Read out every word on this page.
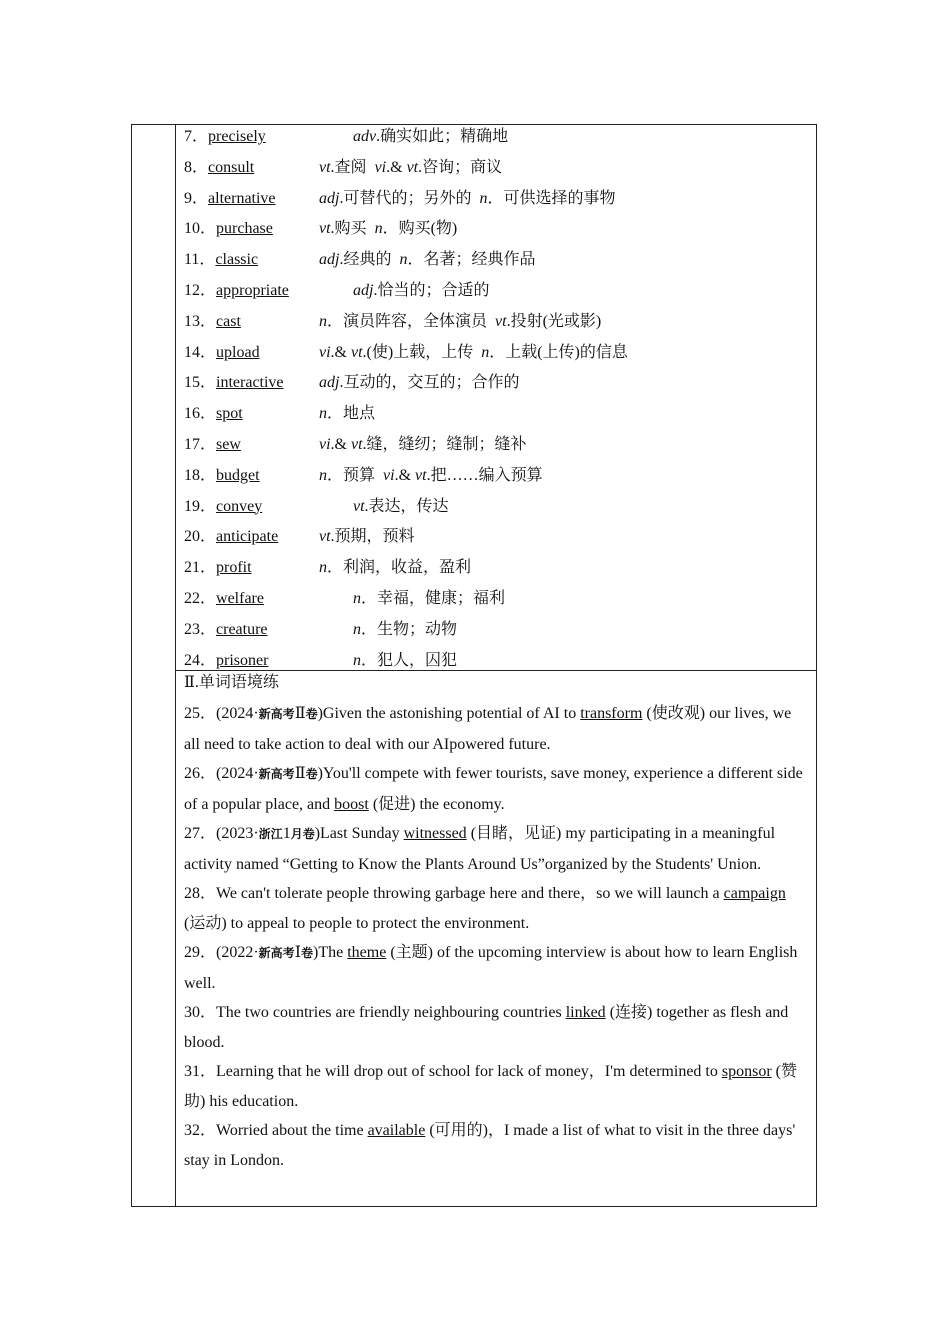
7．precisely	adv.确实如此；精确地
8．consult	vt.查阅  vi.& vt.咨询；商议
9．alternative	adj.可替代的；另外的  n．可供选择的事物
10．purchase	vt.购买  n．购买(物)
11．classic	adj.经典的  n．名著；经典作品
12．appropriate	adj.恰当的；合适的
13．cast	n．演员阵容，全体演员  vt.投射(光或影)
14．upload	vi.& vt.(使)上载，上传  n．上载(上传)的信息
15．interactive adj.互动的，交互的；合作的
16．spot	n．地点
17．sew	vi.& vt.缝，缝纫；缝制；缝补
18．budget	n．预算  vi.& vt.把……编入预算
19．convey	vt.表达，传达
20．anticipate	vt.预期，预料
21．profit	n．利润，收益，盈利
22．welfare	n．幸福，健康；福利
23．creature	n．生物；动物
24．prisoner	n．犯人，囚犯
Ⅱ.单词语境练
25．(2024·新高考Ⅱ卷)Given the astonishing potential of AI to transform (使改观) our lives, we all need to take action to deal with our AIpowered future.
26．(2024·新高考Ⅱ卷)You'll compete with fewer tourists, save money, experience a different side of a popular place, and boost (促进) the economy.
27．(2023·浙江1月卷)Last Sunday witnessed (目睹，见证) my participating in a meaningful activity named “Getting to Know the Plants Around Us”organized by the Students' Union.
28．We can't tolerate people throwing garbage here and there，so we will launch a campaign (运动) to appeal to people to protect the environment.
29．(2022·新高考Ⅰ卷)The theme (主题) of the upcoming interview is about how to learn English well.
30．The two countries are friendly neighbouring countries linked (连接) together as flesh and blood.
31．Learning that he will drop out of school for lack of money，I'm determined to sponsor (赞助) his education.
32．Worried about the time available (可用的)，I made a list of what to visit in the three days' stay in London.
